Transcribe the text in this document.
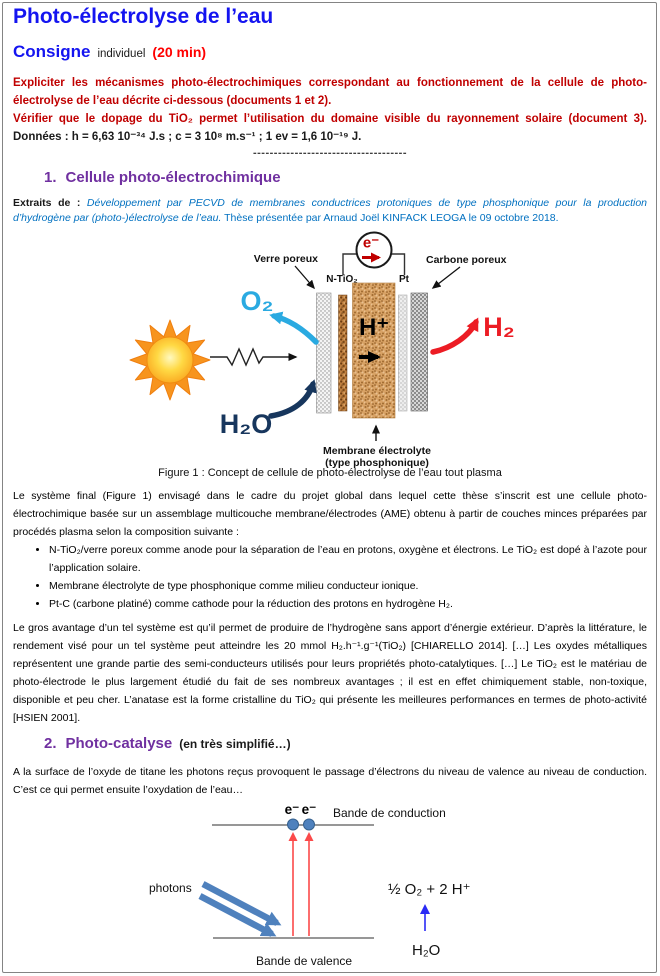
Photo-électrolyse de l’eau
Consigne individuel (20 min)

Expliciter les mécanismes photo-électrochimiques correspondant au fonctionnement de la cellule de photo-électrolyse de l’eau décrite ci-dessous (documents 1 et 2).

Vérifier que le dopage du TiO₂ permet l’utilisation du domaine visible du rayonnement solaire (document 3). Données : h = 6,63 10⁻³⁴ J.s ; c = 3 10⁸ m.s⁻¹ ; 1 ev = 1,6 10⁻¹⁹ J.

-------------------------------------
1. Cellule photo-électrochimique
Extraits de : Développement par PECVD de membranes conductrices protoniques de type phosphonique pour la production d’hydrogène par (photo-)électrolyse de l’eau. Thèse présentée par Arnaud Joël KINFACK LEOGA le 09 octobre 2018.
e⁻
Verre poreux	Carbone poreux
N-TiO₂	Pt
O₂
H₂O
H₂
H⁺
Membrane électrolyte
(type phosphonique)
Figure 1 : Concept de cellule de photo-électrolyse de l’eau tout plasma
Le système final (Figure 1) envisagé dans le cadre du projet global dans lequel cette thèse s’inscrit est une cellule photo-électrochimique basée sur un assemblage multicouche membrane/électrodes (AME) obtenu à partir de couches minces préparées par procédés plasma selon la composition suivante :
• N-TiO₂/verre poreux comme anode pour la séparation de l’eau en protons, oxygène et électrons. Le TiO₂ est dopé à l’azote pour l’application solaire.
• Membrane électrolyte de type phosphonique comme milieu conducteur ionique.
• Pt-C (carbone platiné) comme cathode pour la réduction des protons en hydrogène H₂.
Le gros avantage d’un tel système est qu’il permet de produire de l’hydrogène sans apport d’énergie extérieur. D’après la littérature, le rendement visé pour un tel système peut atteindre les 20 mmol H₂.h⁻¹.g⁻¹(TiO₂) [CHIARELLO 2014]. […] Les oxydes métalliques représentent une grande partie des semi-conducteurs utilisés pour leurs propriétés photo-catalytiques. […] Le TiO₂ est le matériau de photo-électrode le plus largement étudié du fait de ses nombreux avantages ; il est en effet chimiquement stable, non-toxique, disponible et peu cher. L’anatase est la forme cristalline du TiO₂ qui présente les meilleures performances en termes de photo-activité [HSIEN 2001].
2. Photo-catalyse (en très simplifié…)
A la surface de l’oxyde de titane les photons reçus provoquent le passage d’électrons du niveau de valence au niveau de conduction. C’est ce qui permet ensuite l’oxydation de l’eau…
e⁻ e⁻ Bande de conduction
photons	½ O₂ + 2 H⁺
H₂O
Bande de valence
